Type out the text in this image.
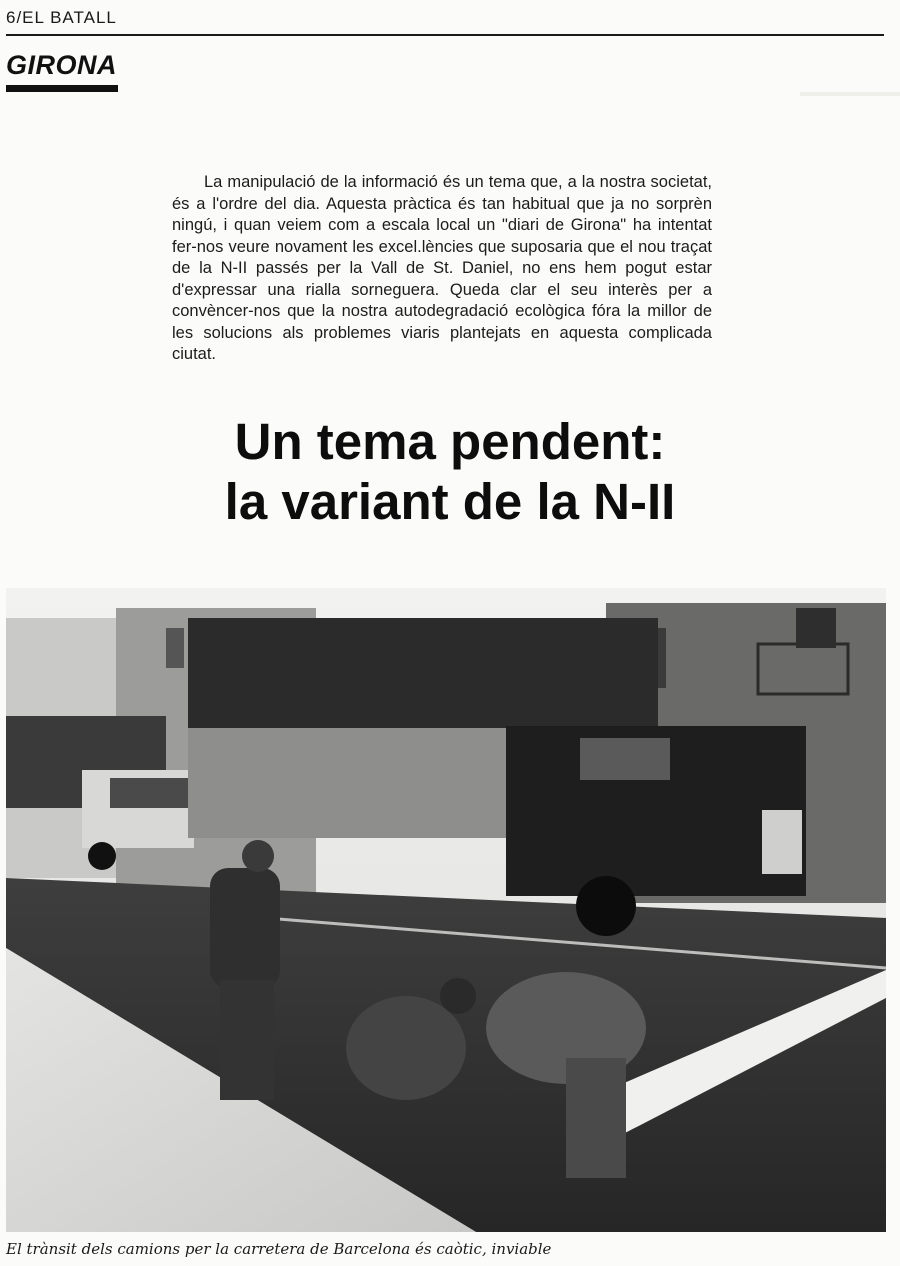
6/EL BATALL
GIRONA

La manipulació de la informació és un tema que, a la nostra societat, és a l'ordre del dia. Aquesta pràctica és tan habitual que ja no sorprèn ningú, i quan veiem com a escala local un "diari de Girona" ha intentat fer-nos veure novament les excel.lències que suposaria que el nou traçat de la N-II passés per la Vall de St. Daniel, no ens hem pogut estar d'expressar una rialla sorneguera. Queda clar el seu interès per a convèncer-nos que la nostra autodegradació ecològica fóra la millor de les solucions als problemes viaris plantejats en aquesta complicada ciutat.

Un tema pendent:
la variant de la N-II
El trànsit dels camions per la carretera de Barcelona és caòtic, inviable
